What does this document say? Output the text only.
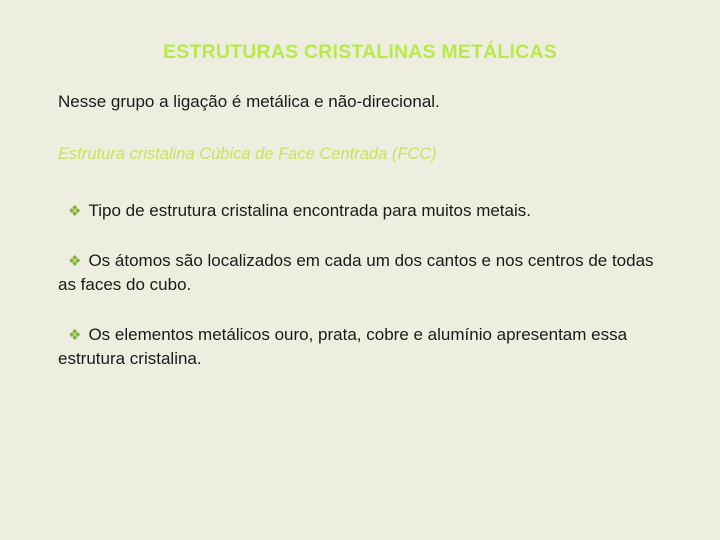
ESTRUTURAS CRISTALINAS METÁLICAS

Nesse grupo a ligação é metálica e não-direcional.

Estrutura cristalina Cúbica de Face Centrada (FCC)

❖ Tipo de estrutura cristalina encontrada para muitos metais.

❖ Os átomos são localizados em cada um dos cantos e nos centros de todas as faces do cubo.

❖ Os elementos metálicos ouro, prata, cobre e alumínio apresentam essa estrutura cristalina.
